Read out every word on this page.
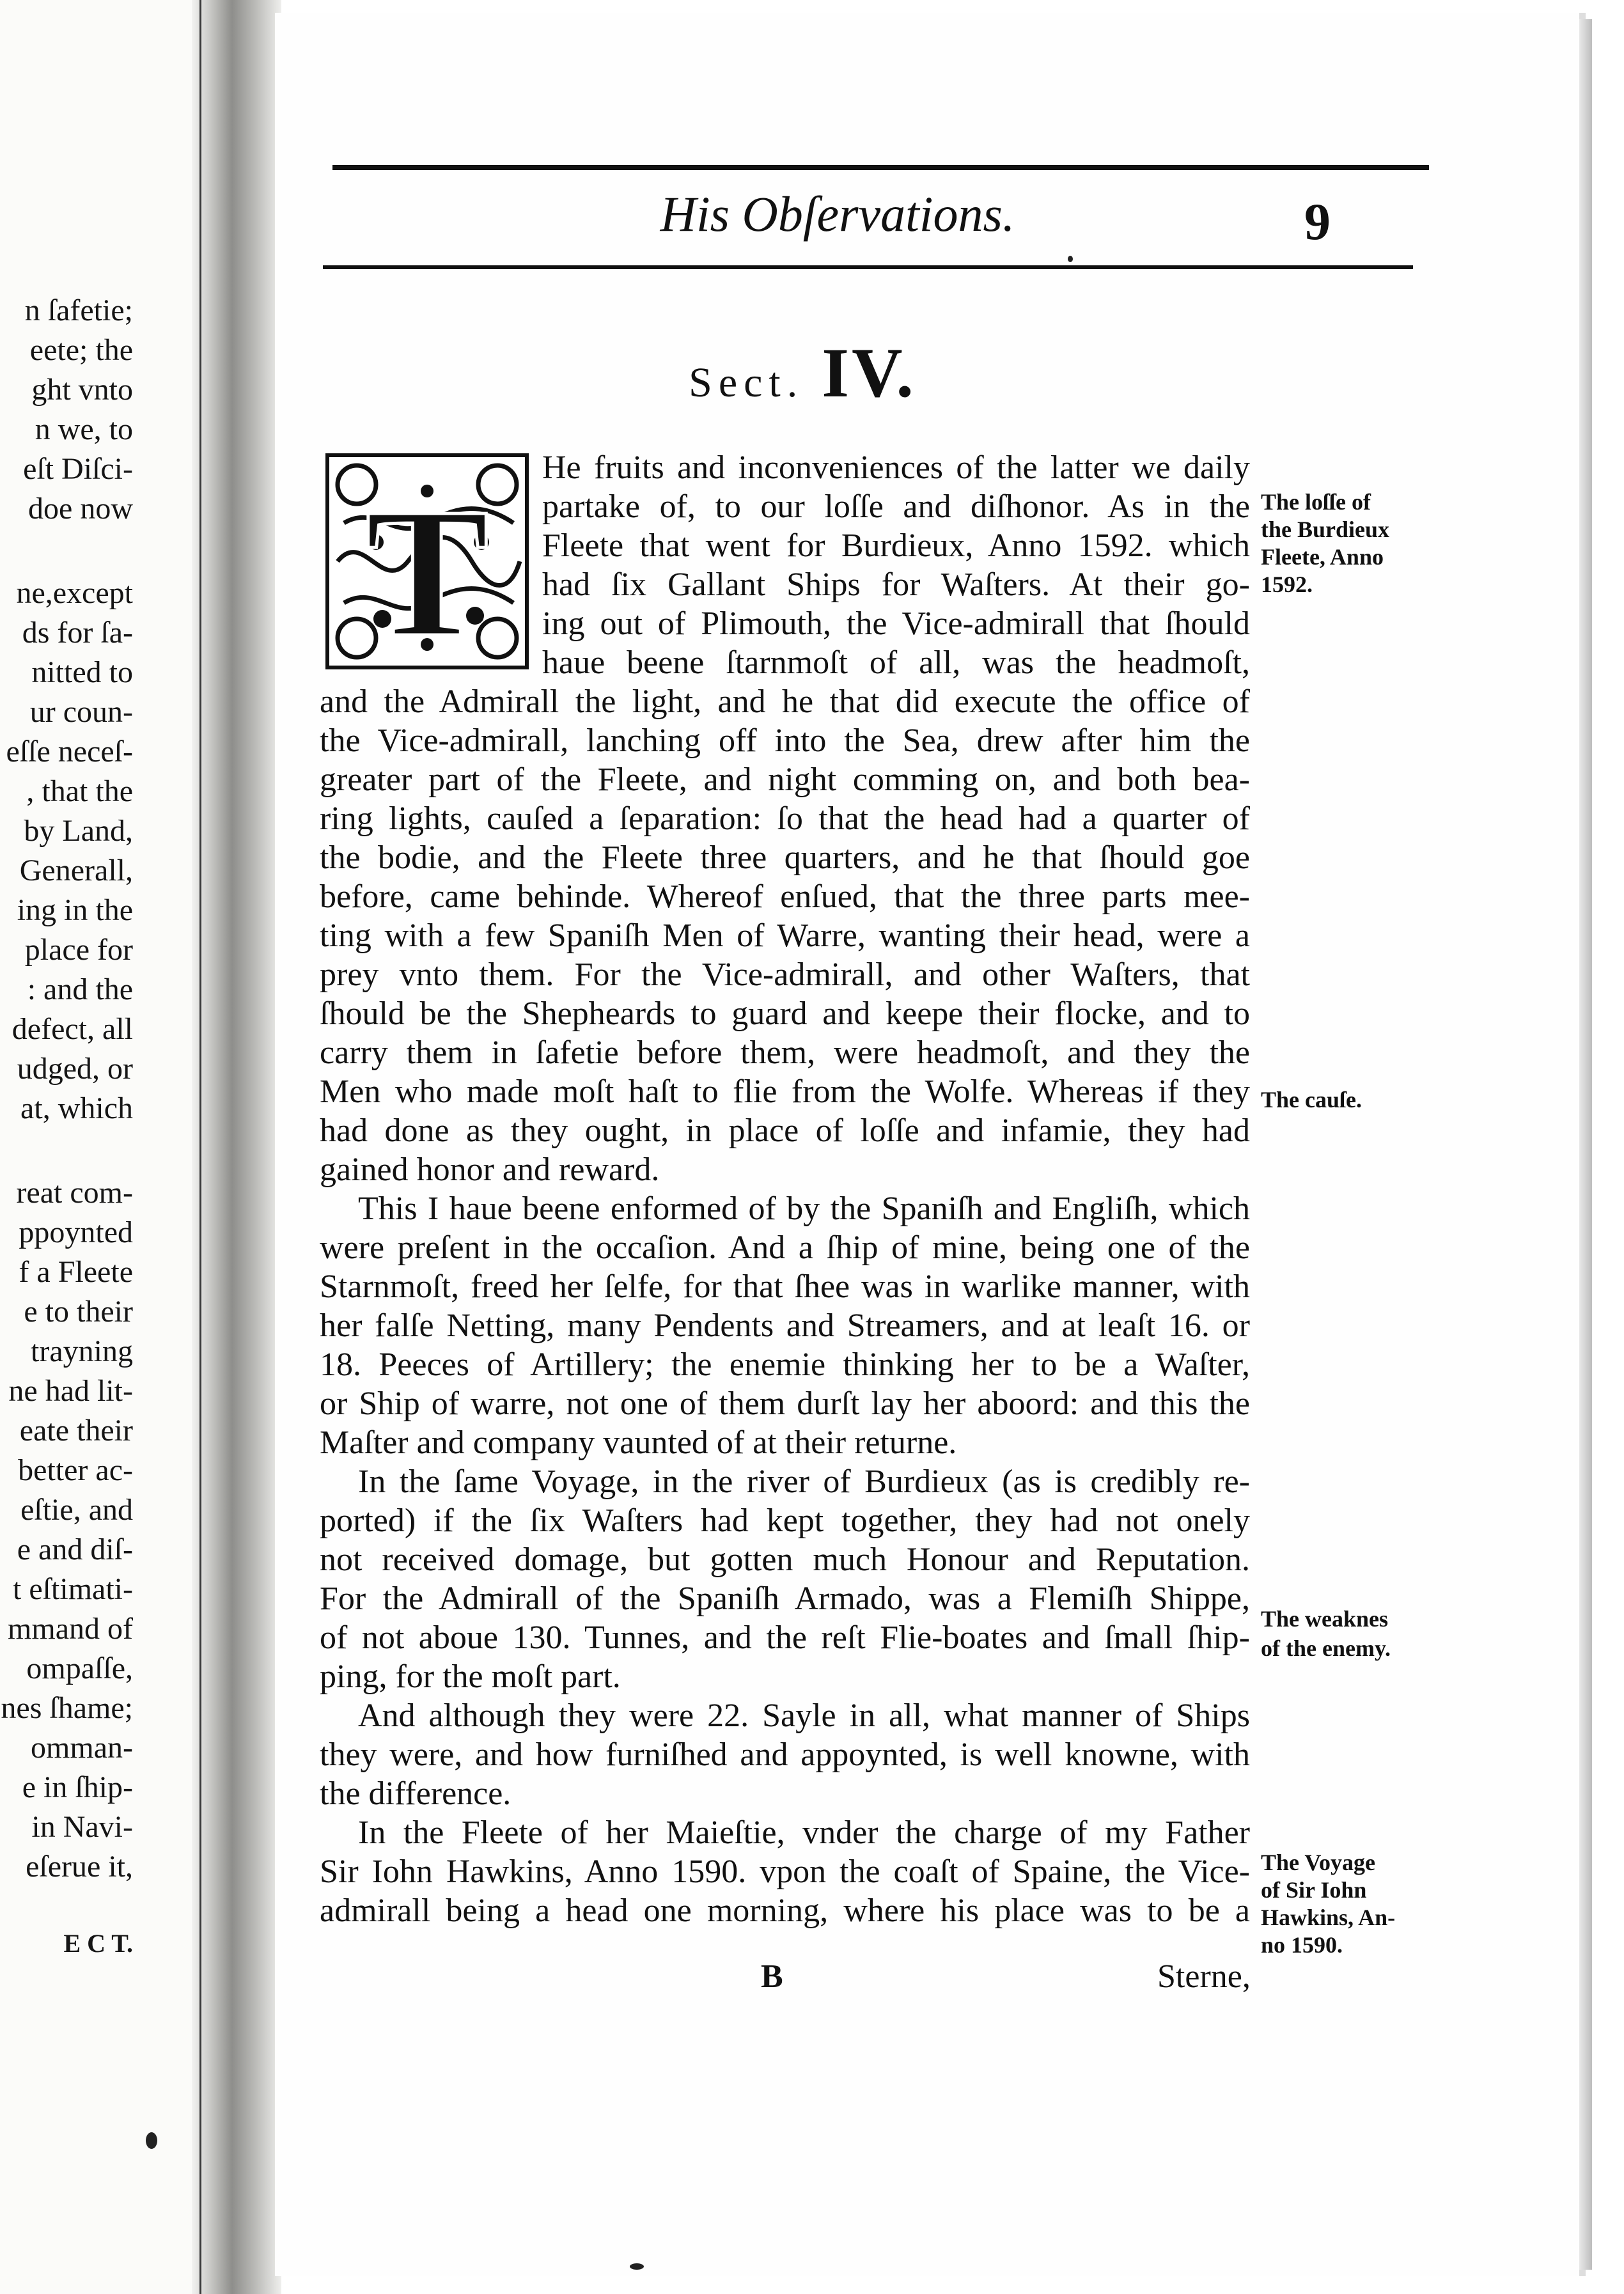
n ſafetie;
eete; the
ght vnto
n we, to
eſt Diſci-
doe now
ne,except
ds for ſa-
nitted to
ur coun-
eſſe neceſ-
, that the
by Land,
Generall,
ing in the
place for
: and the
defect, all
udged, or
at, which
reat com-
ppoynted
f a Fleete
e to their
trayning
ne had lit-
eate their
better ac-
eſtie, and
e and diſ-
t eſtimati-
mmand of
ompaſſe,
nes ſhame;
omman-
e in ſhip-
in Navi-
eſerue it,
E C T.
His Obſervations.	9
Sect. IV.
T
He fruits and inconveniences of the latter we daily
partake of, to our loſſe and diſhonor. As in the
Fleete that went for Burdieux, Anno 1592. which
had ſix Gallant Ships for Waſters. At their go-
ing out of Plimouth, the Vice-admirall that ſhould
haue beene ſtarnmoſt of all, was the headmoſt,
and the Admirall the light, and he that did execute the office of
the Vice-admirall, lanching off into the Sea, drew after him the
greater part of the Fleete, and night comming on, and both bea-
ring lights, cauſed a ſeparation: ſo that the head had a quarter of
the bodie, and the Fleete three quarters, and he that ſhould goe
before, came behinde. Whereof enſued, that the three parts mee-
ting with a few Spaniſh Men of Warre, wanting their head, were a
prey vnto them. For the Vice-admirall, and other Waſters, that
ſhould be the Shepheards to guard and keepe their flocke, and to
carry them in ſafetie before them, were headmoſt, and they the
Men who made moſt haſt to flie from the Wolfe. Whereas if they
had done as they ought, in place of loſſe and infamie, they had
gained honor and reward.
This I haue beene enformed of by the Spaniſh and Engliſh, which
were preſent in the occaſion. And a ſhip of mine, being one of the
Starnmoſt, freed her ſelfe, for that ſhee was in warlike manner, with
her falſe Netting, many Pendents and Streamers, and at leaſt 16. or
18. Peeces of Artillery; the enemie thinking her to be a Waſter,
or Ship of warre, not one of them durſt lay her aboord: and this the
Maſter and company vaunted of at their returne.
In the ſame Voyage, in the river of Burdieux (as is credibly re-
ported) if the ſix Waſters had kept together, they had not onely
not received domage, but gotten much Honour and Reputation.
For the Admirall of the Spaniſh Armado, was a Flemiſh Shippe,
of not aboue 130. Tunnes, and the reſt Flie-boates and ſmall ſhip-
ping, for the moſt part.
And although they were 22. Sayle in all, what manner of Ships
they were, and how furniſhed and appoynted, is well knowne, with
the difference.
In the Fleete of her Maieſtie, vnder the charge of my Father
Sir Iohn Hawkins, Anno 1590. vpon the coaſt of Spaine, the Vice-
admirall being a head one morning, where his place was to be a
The loſſe of
the Burdieux
Fleete, Anno
1592.
The cauſe.
The weaknes
of the enemy.
The Voyage
of Sir Iohn
Hawkins, An-
no 1590.
B	Sterne,
